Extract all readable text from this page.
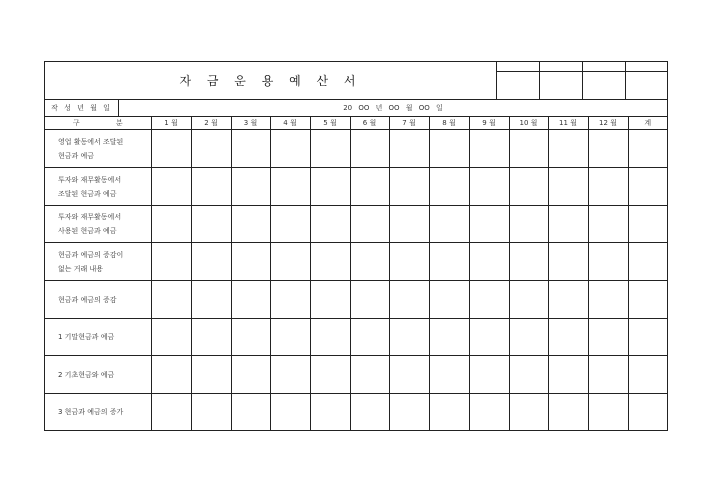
자 금 운 용 예 산 서
작 성 년 월 일	20 OO 년 OO 월 OO 일
구 분	1 월	2 월	3 월	4 월	5 월	6 월	7 월	8 월	9 월	10 월	11 월	12 월	계

영업 활동에서 조달된
현금과 예금													

투자와 재무활동에서
조달된 현금과 예금													

투자와 재무활동에서
사용된 현금과 예금													

현금과 예금의 증감이
없는 거래 내용													

현금과 예금의 증감													

1 기말현금과 예금													

2 기초현금와 예금													

3 현금과 예금의 증가													
